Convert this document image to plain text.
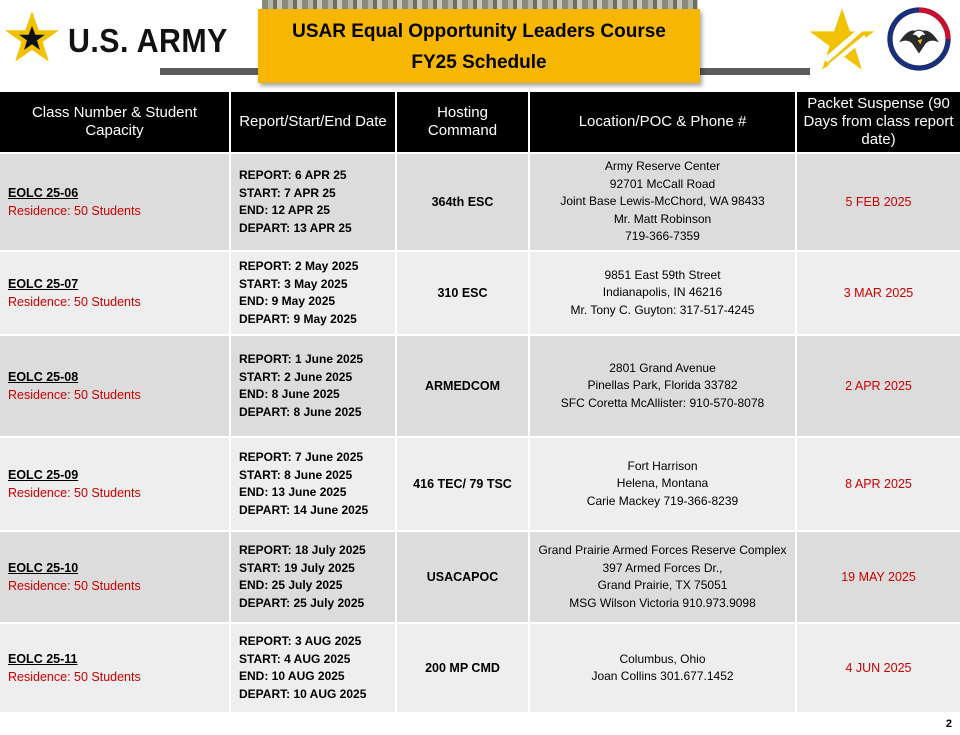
U.S. ARMY	USAR Equal Opportunity Leaders Course
FY25 Schedule
Class Number & Student Capacity	Report/Start/End Date	Hosting Command	Location/POC & Phone #	Packet Suspense (90 Days from class report date)

EOLC 25-06
Residence: 50 Students	REPORT: 6 APR 25
START: 7 APR 25
END: 12 APR 25
DEPART: 13 APR 25	364th ESC	Army Reserve Center
92701 McCall Road
Joint Base Lewis-McChord, WA 98433
Mr. Matt Robinson
719-366-7359	5 FEB 2025

EOLC 25-07
Residence: 50 Students	REPORT: 2 May 2025
START: 3 May 2025
END: 9 May 2025
DEPART: 9 May 2025	310 ESC	9851 East 59th Street
Indianapolis, IN 46216
Mr. Tony C. Guyton: 317-517-4245	3 MAR 2025

EOLC 25-08
Residence: 50 Students	REPORT: 1 June 2025
START: 2 June 2025
END: 8 June 2025
DEPART: 8 June 2025	ARMEDCOM	2801 Grand Avenue
Pinellas Park, Florida 33782
SFC Coretta McAllister: 910-570-8078	2 APR 2025

EOLC 25-09
Residence: 50 Students	REPORT: 7 June 2025
START: 8 June 2025
END: 13 June 2025
DEPART: 14 June 2025	416 TEC/ 79 TSC	Fort Harrison
Helena, Montana
Carie Mackey 719-366-8239	8 APR 2025

EOLC 25-10
Residence: 50 Students	REPORT: 18 July 2025
START: 19 July 2025
END: 25 July 2025
DEPART: 25 July 2025	USACAPOC	Grand Prairie Armed Forces Reserve Complex
397 Armed Forces Dr.,
Grand Prairie, TX 75051
MSG Wilson Victoria 910.973.9098	19 MAY 2025

EOLC 25-11
Residence: 50 Students	REPORT: 3 AUG 2025
START: 4 AUG 2025
END: 10 AUG 2025
DEPART: 10 AUG 2025	200 MP CMD	Columbus, Ohio
Joan Collins 301.677.1452	4 JUN 2025
2
